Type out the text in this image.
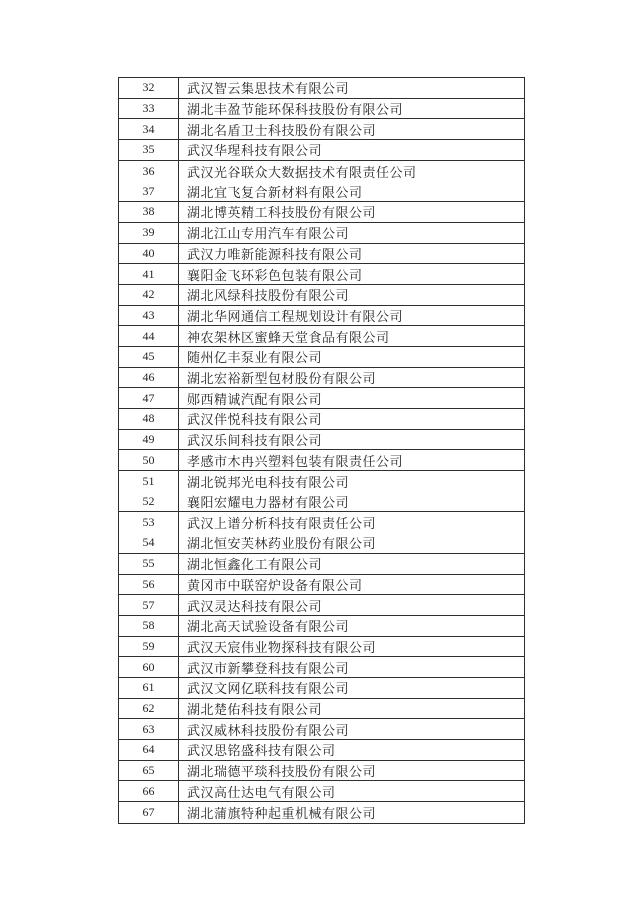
32	武汉智云集思技术有限公司
33	湖北丰盈节能环保科技股份有限公司
34	湖北名盾卫士科技股份有限公司
35	武汉华瑆科技有限公司
36	武汉光谷联众大数据技术有限责任公司
37	湖北宜飞复合新材料有限公司
38	湖北博英精工科技股份有限公司
39	湖北江山专用汽车有限公司
40	武汉力唯新能源科技有限公司
41	襄阳金飞环彩色包装有限公司
42	湖北风绿科技股份有限公司
43	湖北华网通信工程规划设计有限公司
44	神农架林区蜜蜂天堂食品有限公司
45	随州亿丰泵业有限公司
46	湖北宏裕新型包材股份有限公司
47	郧西精诚汽配有限公司
48	武汉伴悦科技有限公司
49	武汉乐间科技有限公司
50	孝感市木冉兴塑料包装有限责任公司
51	湖北锐邦光电科技有限公司
52	襄阳宏耀电力器材有限公司
53	武汉上谱分析科技有限责任公司
54	湖北恒安芙林药业股份有限公司
55	湖北恒鑫化工有限公司
56	黄冈市中联窑炉设备有限公司
57	武汉灵达科技有限公司
58	湖北高天试验设备有限公司
59	武汉天宸伟业物探科技有限公司
60	武汉市新攀登科技有限公司
61	武汉文网亿联科技有限公司
62	湖北楚佑科技有限公司
63	武汉威林科技股份有限公司
64	武汉思铭盛科技有限公司
65	湖北瑞德平琰科技股份有限公司
66	武汉高仕达电气有限公司
67	湖北蒲旗特种起重机械有限公司
